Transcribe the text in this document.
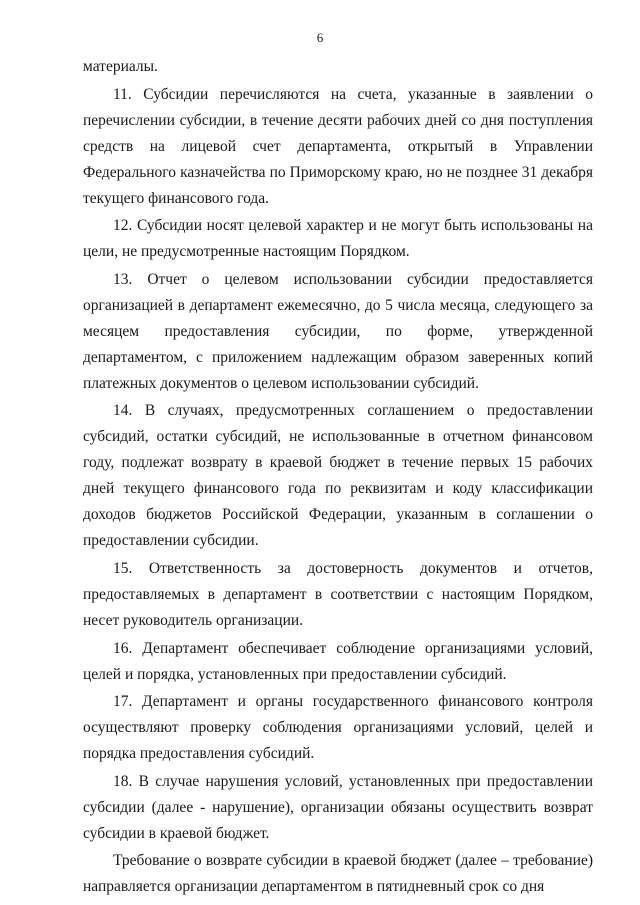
6

материалы.

11. Субсидии перечисляются на счета, указанные в заявлении о перечислении субсидии, в течение десяти рабочих дней со дня поступления средств на лицевой счет департамента, открытый в Управлении Федерального казначейства по Приморскому краю, но не позднее 31 декабря текущего финансового года.

12. Субсидии носят целевой характер и не могут быть использованы на цели, не предусмотренные настоящим Порядком.

13. Отчет о целевом использовании субсидии предоставляется организацией в департамент ежемесячно, до 5 числа месяца, следующего за месяцем предоставления субсидии, по форме, утвержденной департаментом, с приложением надлежащим образом заверенных копий платежных документов о целевом использовании субсидий.

14. В случаях, предусмотренных соглашением о предоставлении субсидий, остатки субсидий, не использованные в отчетном финансовом году, подлежат возврату в краевой бюджет в течение первых 15 рабочих дней текущего финансового года по реквизитам и коду классификации доходов бюджетов Российской Федерации, указанным в соглашении о предоставлении субсидии.

15. Ответственность за достоверность документов и отчетов, предоставляемых в департамент в соответствии с настоящим Порядком, несет руководитель организации.

16. Департамент обеспечивает соблюдение организациями условий, целей и порядка, установленных при предоставлении субсидий.

17. Департамент и органы государственного финансового контроля осуществляют проверку соблюдения организациями условий, целей и порядка предоставления субсидий.

18. В случае нарушения условий, установленных при предоставлении субсидии (далее - нарушение), организации обязаны осуществить возврат субсидии в краевой бюджет.

Требование о возврате субсидии в краевой бюджет (далее – требование) направляется организации департаментом в пятидневный срок со дня
